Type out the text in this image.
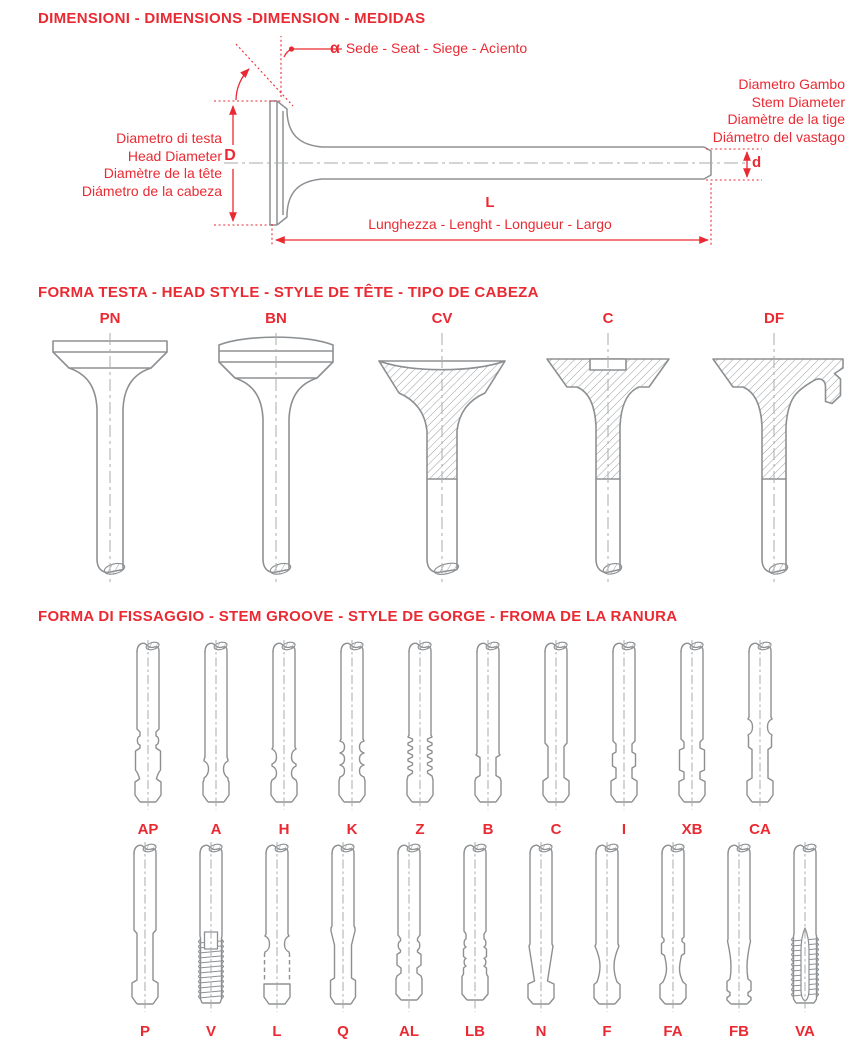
DIMENSIONI - DIMENSIONS -DIMENSION - MEDIDAS
α Sede - Seat - Siege - Acìento
Diametro di testa
Head Diameter
Diamètre de la tête
Diámetro de la cabeza
Diametro Gambo
Stem Diameter
Diamètre de la tige
Diámetro del vastago
D	d
L
Lunghezza - Lenght - Longueur - Largo
FORMA TESTA - HEAD STYLE - STYLE DE TÊTE - TIPO DE CABEZA
PN	BN	CV	C	DF
FORMA DI FISSAGGIO - STEM GROOVE - STYLE DE GORGE - FROMA DE LA RANURA
AP	A	H	K	Z	B	C	I	XB	CA
P	V	L	Q	AL	LB	N	F	FA	FB	VA
